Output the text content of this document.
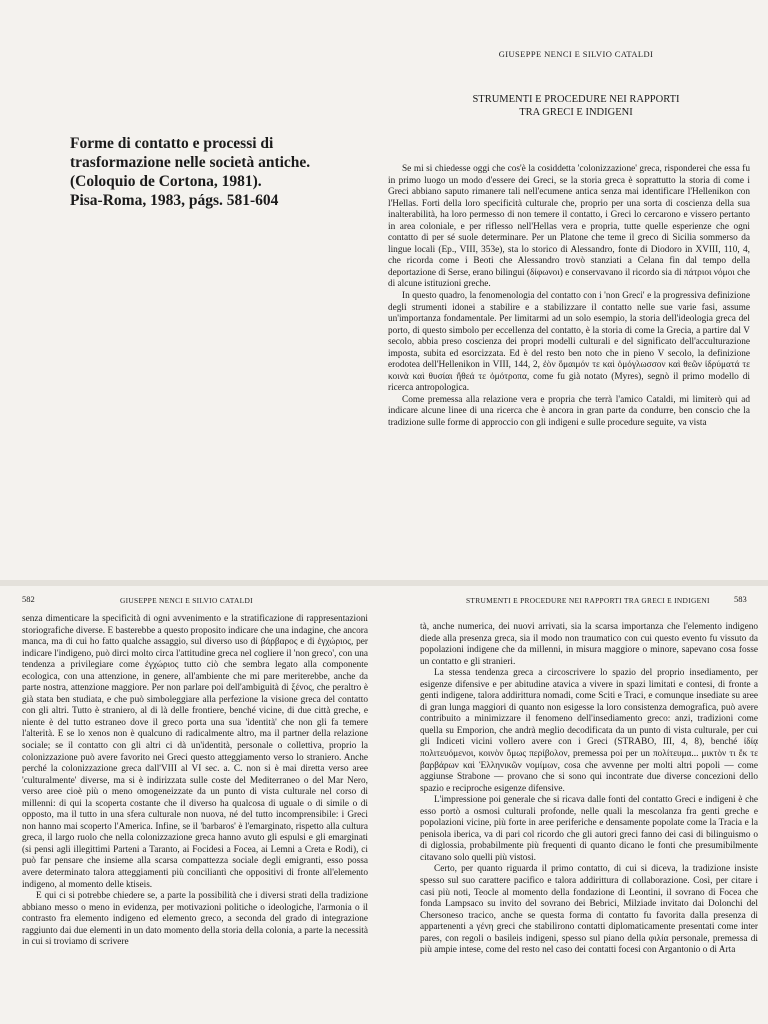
Forme di contatto e processi di
trasformazione nelle società antiche.
(Coloquio de Cortona, 1981).
Pisa-Roma, 1983, págs. 581-604
GIUSEPPE NENCI E SILVIO CATALDI
STRUMENTI E PROCEDURE NEI RAPPORTI
TRA GRECI E INDIGENI

Se mi si chiedesse oggi che cos'è la cosiddetta 'colonizzazione' greca, risponderei che essa fu in primo luogo un modo d'essere dei Greci, se la storia greca è soprattutto la storia di come i Greci abbiano saputo rimanere tali nell'ecumene antica senza mai identificare l'Hellenikon con l'Hellas. Forti della loro specificità culturale che, proprio per una sorta di coscienza della sua inalterabilità, ha loro permesso di non temere il contatto, i Greci lo cercarono e vissero pertanto in area coloniale, e per riflesso nell'Hellas vera e propria, tutte quelle esperienze che ogni contatto di per sé suole determinare. Per un Platone che teme il greco di Sicilia sommerso da lingue locali (Ep., VIII, 353e), sta lo storico di Alessandro, fonte di Diodoro in XVIII, 110, 4, che ricorda come i Beoti che Alessandro trovò stanziati a Celana fin dal tempo della deportazione di Serse, erano bilingui (δίφωνοι) e conservavano il ricordo sia di πάτριοι νόμοι che di alcune istituzioni greche.

In questo quadro, la fenomenologia del contatto con i 'non Greci' e la progressiva definizione degli strumenti idonei a stabilire e a stabilizzare il contatto nelle sue varie fasi, assume un'importanza fondamentale. Per limitarmi ad un solo esempio, la storia dell'ideologia greca del porto, di questo simbolo per eccellenza del contatto, è la storia di come la Grecia, a partire dal V secolo, abbia preso coscienza dei propri modelli culturali e del significato dell'acculturazione imposta, subita ed esorcizzata. Ed è del resto ben noto che in pieno V secolo, la definizione erodotea dell'Hellenikon in VIII, 144, 2, ἐὸν ὅμαιμόν τε καὶ ὁμόγλωσσον καὶ θεῶν ἱδρύματά τε κοινὰ καὶ θυσίαι ἤθεά τε ὁμότροπα, come fu già notato (Myres), segnò il primo modello di ricerca antropologica.

Come premessa alla relazione vera e propria che terrà l'amico Cataldi, mi limiterò qui ad indicare alcune linee di una ricerca che è ancora in gran parte da condurre, ben conscio che la tradizione sulle forme di approccio con gli indigeni e sulle procedure seguite, va vista

582	GIUSEPPE NENCI E SILVIO CATALDI

senza dimenticare la specificità di ogni avvenimento e la stratificazione di rappresentazioni storiografiche diverse. E basterebbe a questo proposito indicare che una indagine, che ancora manca, ma di cui ho fatto qualche assaggio, sul diverso uso di βάρβαρος e di ἐγχώριος, per indicare l'indigeno, può dirci molto circa l'attitudine greca nel cogliere il 'non greco', con una tendenza a privilegiare come ἐγχώριος tutto ciò che sembra legato alla componente ecologica, con una attenzione, in genere, all'ambiente che mi pare meriterebbe, anche da parte nostra, attenzione maggiore. Per non parlare poi dell'ambiguità di ξένος, che peraltro è già stata ben studiata, e che può simboleggiare alla perfezione la visione greca del contatto con gli altri. Tutto è straniero, al di là delle frontiere, benché vicine, di due città greche, e niente è del tutto estraneo dove il greco porta una sua 'identità' che non gli fa temere l'alterità. E se lo xenos non è qualcuno di radicalmente altro, ma il partner della relazione sociale; se il contatto con gli altri ci dà un'identità, personale o collettiva, proprio la colonizzazione può avere favorito nei Greci questo atteggiamento verso lo straniero. Anche perché la colonizzazione greca dall'VIII al VI sec. a. C. non si è mai diretta verso aree 'culturalmente' diverse, ma si è indirizzata sulle coste del Mediterraneo o del Mar Nero, verso aree cioè più o meno omogeneizzate da un punto di vista culturale nel corso di millenni: di qui la scoperta costante che il diverso ha qualcosa di uguale o di simile o di opposto, ma il tutto in una sfera culturale non nuova, né del tutto incomprensibile: i Greci non hanno mai scoperto l'America. Infine, se il 'barbaros' è l'emarginato, rispetto alla cultura greca, il largo ruolo che nella colonizzazione greca hanno avuto gli espulsi e gli emarginati (si pensi agli illegittimi Parteni a Taranto, ai Focidesi a Focea, ai Lemni a Creta e Rodi), ci può far pensare che insieme alla scarsa compattezza sociale degli emigranti, esso possa avere determinato talora atteggiamenti più conciliantì che oppositivi di fronte all'elemento indigeno, al momento delle ktiseis.

E qui ci si potrebbe chiedere se, a parte la possibilità che i diversi strati della tradizione abbiano messo o meno in evidenza, per motivazioni politiche o ideologiche, l'armonia o il contrasto fra elemento indigeno ed elemento greco, a seconda del grado di integrazione raggiunto dai due elementi in un dato momento della storia della colonia, a parte la necessità in cui si troviamo di scrivere

STRUMENTI E PROCEDURE NEI RAPPORTI TRA GRECI E INDIGENI	583

tà, anche numerica, dei nuovi arrivati, sia la scarsa importanza che l'elemento indigeno diede alla presenza greca, sia il modo non traumatico con cui questo evento fu vissuto da popolazioni indigene che da millenni, in misura maggiore o minore, sapevano cosa fosse un contatto e gli stranieri.

La stessa tendenza greca a circoscrivere lo spazio del proprio insediamento, per esigenze difensive e per abitudine atavica a vivere in spazi limitati e contesi, di fronte a genti indigene, talora addirittura nomadi, come Sciti e Traci, e comunque insediate su aree di gran lunga maggiori di quanto non esigesse la loro consistenza demografica, può avere contribuito a minimizzare il fenomeno dell'insediamento greco: anzi, tradizioni come quella su Emporion, che andrà meglio decodificata da un punto di vista culturale, per cui gli Indiceti vicini vollero avere con i Greci (STRABO, III, 4, 8), benché ἰδίᾳ πολιτευόμενοι, κοινὸν ὅμως περίβολον, premessa poi per un πολίτευμα... μικτὸν τι ἔκ τε βαρβάρων καὶ Ἑλληνικῶν νομίμων, cosa che avvenne per molti altri popoli — come aggiunse Strabone — provano che si sono qui incontrate due diverse concezioni dello spazio e reciproche esigenze difensive.

L'impressione poi generale che si ricava dalle fonti del contatto Greci e indigeni è che esso portò a osmosi culturali profonde, nelle quali la mescolanza fra genti greche e popolazioni vicine, più forte in aree periferiche e densamente popolate come la Tracia e la penisola iberica, va di pari col ricordo che gli autori greci fanno dei casi di bilinguismo o di diglossia, probabilmente più frequenti di quanto dicano le fonti che presumibilmente citavano solo quelli più vistosi.

Certo, per quanto riguarda il primo contatto, di cui si diceva, la tradizione insiste spesso sul suo carattere pacifico e talora addirittura di collaborazione. Così, per citare i casi più noti, Teocle al momento della fondazione di Leontini, il sovrano di Focea che fonda Lampsaco su invito del sovrano dei Bebrici, Milziade invitato dai Dolonchi del Chersoneso tracico, anche se questa forma di contatto fu favorita dalla presenza di appartenenti a γένη greci che stabilirono contatti diplomaticamente presentati come inter pares, con regoli o basileis indigeni, spesso sul piano della φιλία personale, premessa di più ampie intese, come del resto nel caso dei contatti focesi con Argantonio o di Arta
